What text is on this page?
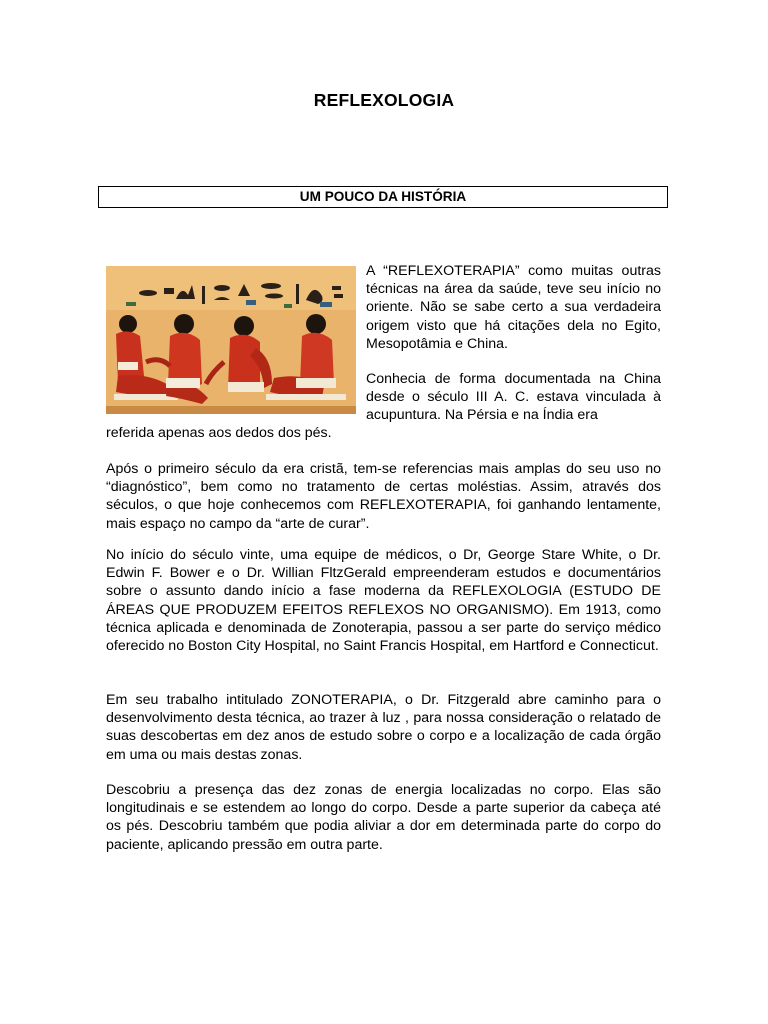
REFLEXOLOGIA
UM POUCO DA HISTÓRIA
A “REFLEXOTERAPIA” como muitas outras técnicas na área da saúde, teve seu início no oriente. Não se sabe certo a sua verdadeira origem visto que há citações dela no Egito, Mesopotâmia e China.
Conhecia de forma documentada na China desde o século III A. C. estava vinculada à acupuntura. Na Pérsia e na Índia era
referida apenas aos dedos dos pés.
Após o primeiro século da era cristã, tem-se referencias mais amplas do seu uso no “diagnóstico”, bem como no tratamento de certas moléstias. Assim, através dos séculos, o que hoje conhecemos com REFLEXOTERAPIA, foi ganhando lentamente, mais espaço no campo da “arte de curar”.
No início do século vinte, uma equipe de médicos, o Dr, George Stare White, o Dr. Edwin F. Bower e o Dr. Willian FltzGerald empreenderam estudos e documentários sobre o assunto dando início a fase moderna da REFLEXOLOGIA (ESTUDO DE ÁREAS QUE PRODUZEM EFEITOS REFLEXOS NO ORGANISMO). Em 1913, como técnica aplicada e denominada de Zonoterapia, passou a ser parte do serviço médico oferecido no Boston City Hospital, no Saint Francis Hospital, em Hartford e Connecticut.
Em seu trabalho intitulado ZONOTERAPIA, o Dr. Fitzgerald abre caminho para o desenvolvimento desta técnica, ao trazer à luz , para nossa consideração o relatado de suas descobertas em dez anos de estudo sobre o corpo e a localização de cada órgão em uma ou mais destas zonas.
Descobriu a presença das dez zonas de energia localizadas no corpo. Elas são longitudinais e se estendem ao longo do corpo. Desde a parte superior da cabeça até os pés. Descobriu também que podia aliviar a dor em determinada parte do corpo do paciente, aplicando pressão em outra parte.
